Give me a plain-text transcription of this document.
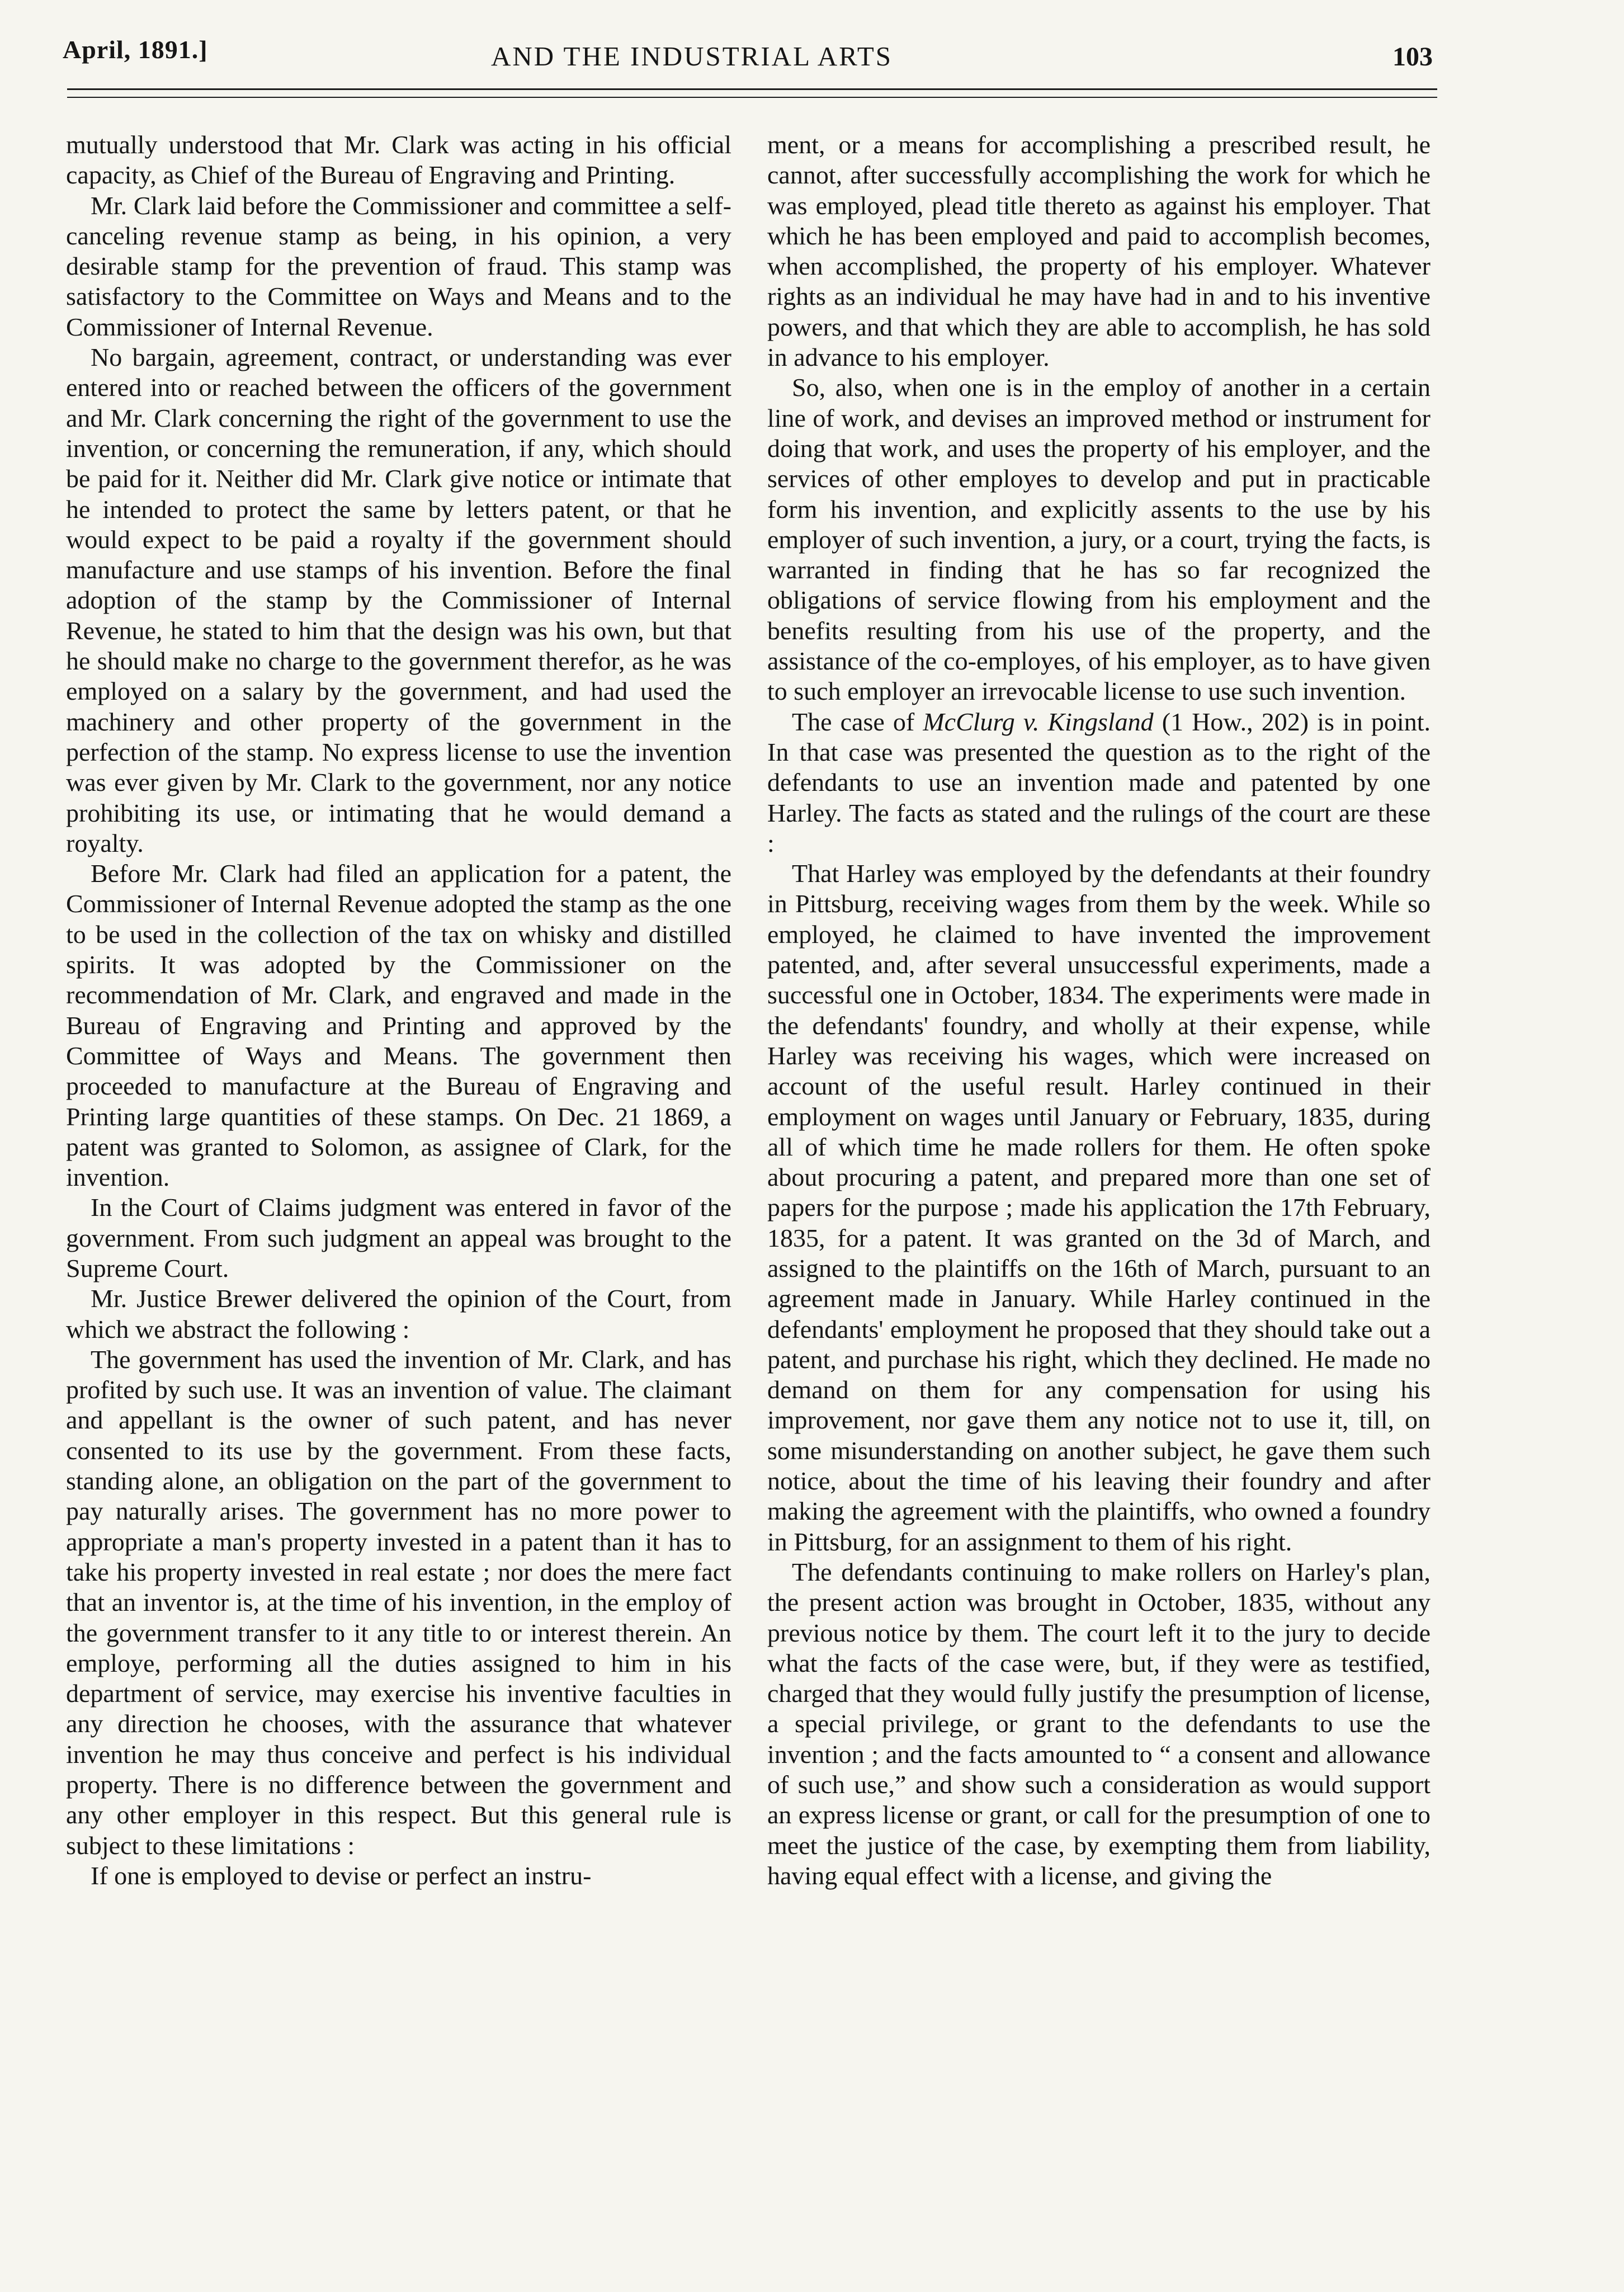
April, 1891.]	AND THE INDUSTRIAL ARTS	103

mutually understood that Mr. Clark was acting in his official capacity, as Chief of the Bureau of Engraving and Printing.

Mr. Clark laid before the Commissioner and committee a self-canceling revenue stamp as being, in his opinion, a very desirable stamp for the prevention of fraud. This stamp was satisfactory to the Committee on Ways and Means and to the Commissioner of Internal Revenue.

No bargain, agreement, contract, or understanding was ever entered into or reached between the officers of the government and Mr. Clark concerning the right of the government to use the invention, or concerning the remuneration, if any, which should be paid for it. Neither did Mr. Clark give notice or intimate that he intended to protect the same by letters patent, or that he would expect to be paid a royalty if the government should manufacture and use stamps of his invention. Before the final adoption of the stamp by the Commissioner of Internal Revenue, he stated to him that the design was his own, but that he should make no charge to the government therefor, as he was employed on a salary by the government, and had used the machinery and other property of the government in the perfection of the stamp. No express license to use the invention was ever given by Mr. Clark to the government, nor any notice prohibiting its use, or intimating that he would demand a royalty.

Before Mr. Clark had filed an application for a patent, the Commissioner of Internal Revenue adopted the stamp as the one to be used in the collection of the tax on whisky and distilled spirits. It was adopted by the Commissioner on the recommendation of Mr. Clark, and engraved and made in the Bureau of Engraving and Printing and approved by the Committee of Ways and Means. The government then proceeded to manufacture at the Bureau of Engraving and Printing large quantities of these stamps. On Dec. 21 1869, a patent was granted to Solomon, as assignee of Clark, for the invention.

In the Court of Claims judgment was entered in favor of the government. From such judgment an appeal was brought to the Supreme Court.

Mr. Justice Brewer delivered the opinion of the Court, from which we abstract the following :

The government has used the invention of Mr. Clark, and has profited by such use. It was an invention of value. The claimant and appellant is the owner of such patent, and has never consented to its use by the government. From these facts, standing alone, an obligation on the part of the government to pay naturally arises. The government has no more power to appropriate a man's property invested in a patent than it has to take his property invested in real estate ; nor does the mere fact that an inventor is, at the time of his invention, in the employ of the government transfer to it any title to or interest therein. An employe, performing all the duties assigned to him in his department of service, may exercise his inventive faculties in any direction he chooses, with the assurance that whatever invention he may thus conceive and perfect is his individual property. There is no difference between the government and any other employer in this respect. But this general rule is subject to these limitations :

If one is employed to devise or perfect an instru-

ment, or a means for accomplishing a prescribed result, he cannot, after successfully accomplishing the work for which he was employed, plead title thereto as against his employer. That which he has been employed and paid to accomplish becomes, when accomplished, the property of his employer. Whatever rights as an individual he may have had in and to his inventive powers, and that which they are able to accomplish, he has sold in advance to his employer.

So, also, when one is in the employ of another in a certain line of work, and devises an improved method or instrument for doing that work, and uses the property of his employer, and the services of other employes to develop and put in practicable form his invention, and explicitly assents to the use by his employer of such invention, a jury, or a court, trying the facts, is warranted in finding that he has so far recognized the obligations of service flowing from his employment and the benefits resulting from his use of the property, and the assistance of the co-employes, of his employer, as to have given to such employer an irrevocable license to use such invention.

The case of McClurg v. Kingsland (1 How., 202) is in point. In that case was presented the question as to the right of the defendants to use an invention made and patented by one Harley. The facts as stated and the rulings of the court are these :

That Harley was employed by the defendants at their foundry in Pittsburg, receiving wages from them by the week. While so employed, he claimed to have invented the improvement patented, and, after several unsuccessful experiments, made a successful one in October, 1834. The experiments were made in the defendants' foundry, and wholly at their expense, while Harley was receiving his wages, which were increased on account of the useful result. Harley continued in their employment on wages until January or February, 1835, during all of which time he made rollers for them. He often spoke about procuring a patent, and prepared more than one set of papers for the purpose ; made his application the 17th February, 1835, for a patent. It was granted on the 3d of March, and assigned to the plaintiffs on the 16th of March, pursuant to an agreement made in January. While Harley continued in the defendants' employment he proposed that they should take out a patent, and purchase his right, which they declined. He made no demand on them for any compensation for using his improvement, nor gave them any notice not to use it, till, on some misunderstanding on another subject, he gave them such notice, about the time of his leaving their foundry and after making the agreement with the plaintiffs, who owned a foundry in Pittsburg, for an assignment to them of his right.

The defendants continuing to make rollers on Harley's plan, the present action was brought in October, 1835, without any previous notice by them. The court left it to the jury to decide what the facts of the case were, but, if they were as testified, charged that they would fully justify the presumption of license, a special privilege, or grant to the defendants to use the invention ; and the facts amounted to “ a consent and allowance of such use,” and show such a consideration as would support an express license or grant, or call for the presumption of one to meet the justice of the case, by exempting them from liability, having equal effect with a license, and giving the
